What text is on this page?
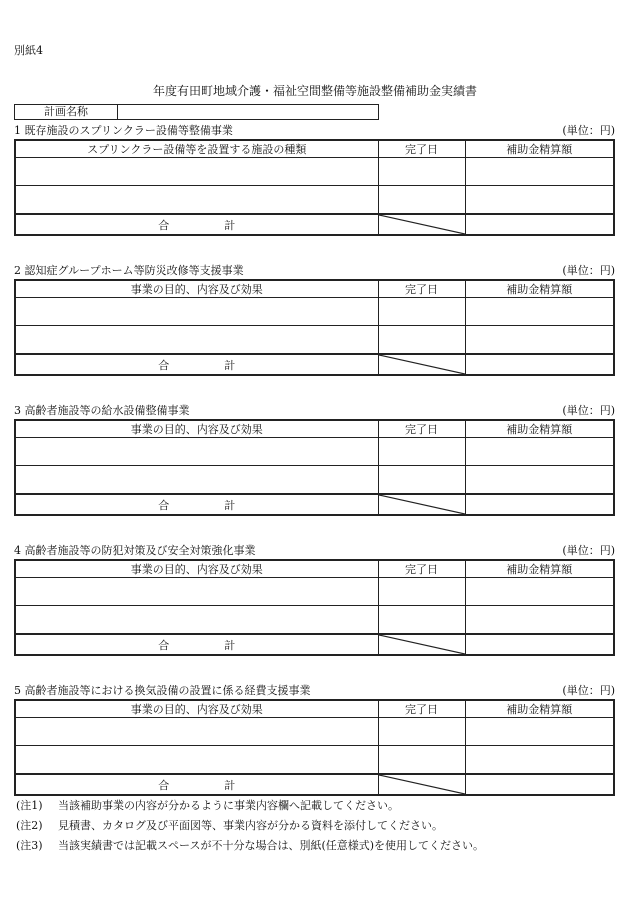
別紙4
年度有田町地域介護・福祉空間整備等施設整備補助金実績書
計画名称
1 既存施設のスプリンクラー設備等整備事業	(単位：円)
スプリンクラー設備等を設置する施設の種類	完了日	補助金精算額

合　　　　　計	

2 認知症グループホーム等防災改修等支援事業	(単位：円)
事業の目的、内容及び効果	完了日	補助金精算額

合　　　　　計	

3 高齢者施設等の給水設備整備事業	(単位：円)
事業の目的、内容及び効果	完了日	補助金精算額

合　　　　　計	

4 高齢者施設等の防犯対策及び安全対策強化事業	(単位：円)
事業の目的、内容及び効果	完了日	補助金精算額

合　　　　　計	

5 高齢者施設等における換気設備の設置に係る経費支援事業	(単位：円)
事業の目的、内容及び効果	完了日	補助金精算額

合　　　　　計	

(注1)	当該補助事業の内容が分かるように事業内容欄へ記載してください。
(注2)	見積書、カタログ及び平面図等、事業内容が分かる資料を添付してください。
(注3)	当該実績書では記載スペースが不十分な場合は、別紙(任意様式)を使用してください。
